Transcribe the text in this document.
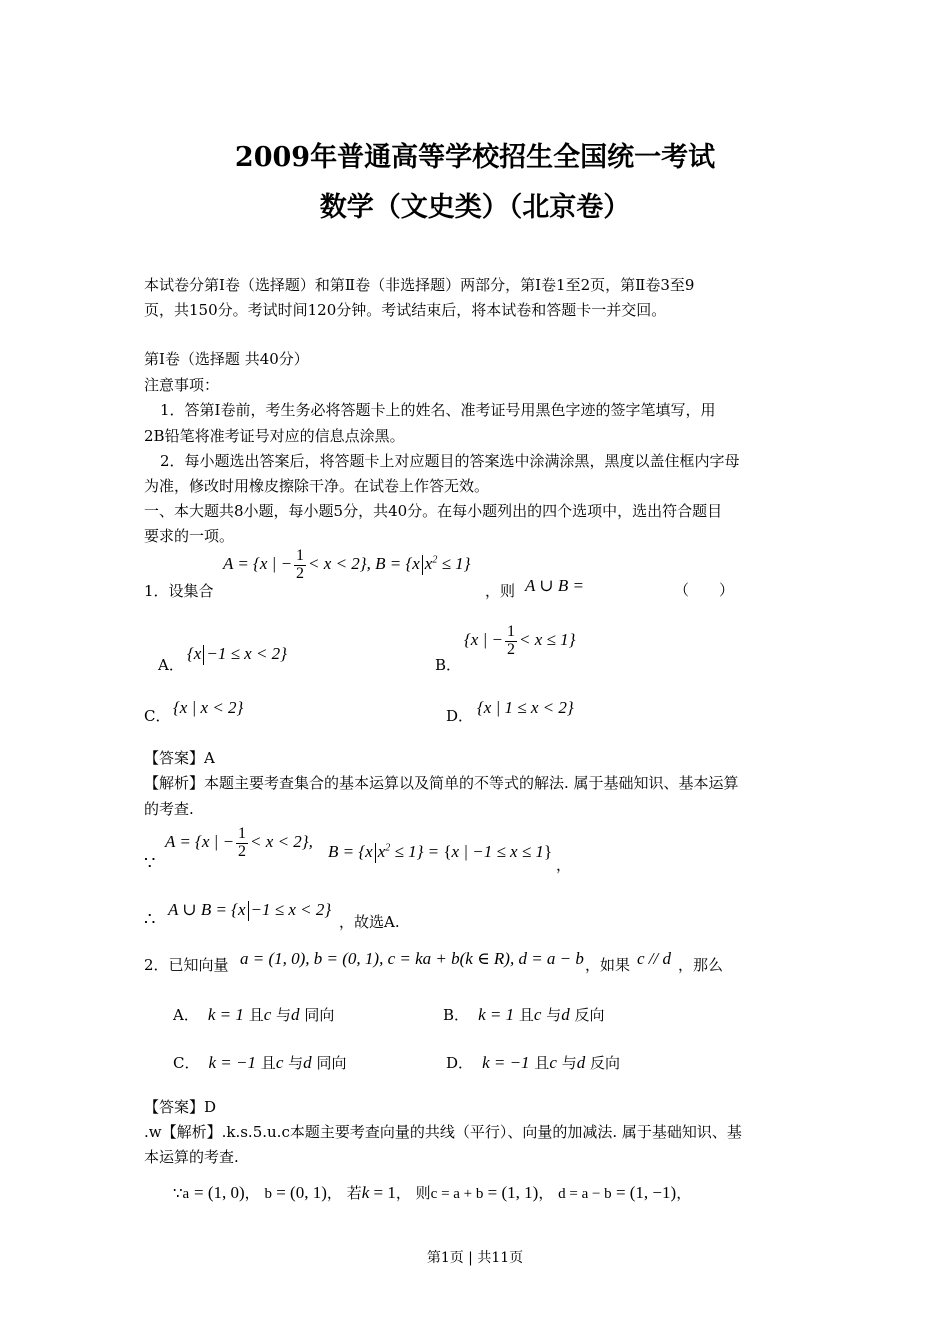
2009年普通高等学校招生全国统一考试
数学（文史类）（北京卷）
本试卷分第I卷（选择题）和第Ⅱ卷（非选择题）两部分，第I卷1至2页，第Ⅱ卷3至9
页，共150分。考试时间120分钟。考试结束后，将本试卷和答题卡一并交回。
第I卷（选择题 共40分）
注意事项：
1．答第I卷前，考生务必将答题卡上的姓名、准考证号用黑色字迹的签字笔填写，用
2B铅笔将准考证号对应的信息点涂黑。
2．每小题选出答案后，将答题卡上对应题目的答案选中涂满涂黑，黑度以盖住框内字母
为准，修改时用橡皮擦除干净。在试卷上作答无效。
一、本大题共8小题，每小题5分，共40分。在每小题列出的四个选项中，选出符合题目
要求的一项。
1．设集合
A = {x | − $\frac{1}{2} < x < 2$}, B = {x $x^2 \le 1$}
，则 A ∪ B =	（　　）
A．
{x −1 ≤ x < 2}
B．
{x | − $\frac{1}{2} < x \le 1$}
C． {x | x < 2}	D． {x | 1 ≤ x < 2}
【答案】A
【解析】本题主要考查集合的基本运算以及简单的不等式的解法. 属于基础知识、基本运算
的考查.
∵
A = {x | − $\frac{1}{2} < x < 2$},
B = {x $x^2 \le 1\} = \{x$ | −1 ≤ x ≤ 1}
，
∴ A ∪ B = {x −1 ≤ x < 2}
，故选A.
2．已知向量 a = (1, 0), b = (0, 1), c = ka + b(k ∈ R), d = a − b ，如果 c // d ，那么
A．  k = 1 且c 与d 同向	B．  k = 1 且c 与d 反向
C．  k = −1 且c 与d 同向	D．  k = −1 且c 与d 反向
【答案】D
.w【解析】.k.s.5.u.c本题主要考查向量的共线（平行）、向量的加减法. 属于基础知识、基
本运算的考查.
∵a = (1, 0)， b = (0, 1)， 若k = 1， 则c = a + b = (1, 1)， d = a − b = (1, −1)，
第1页 | 共11页
